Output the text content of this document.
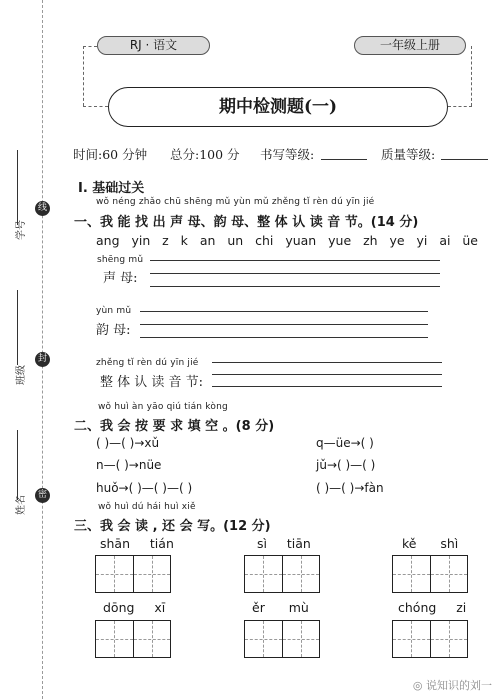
线
封
密
学号
班级
姓名
RJ · 语文	一年级上册
期中检测题(一)
时间:60 分钟 总分:100 分 书写等级:	质量等级:
Ⅰ. 基础过关
wǒ néng zhǎo chū shēng mǔ yùn mǔ zhěng tǐ rèn dú yīn jié
一、我 能 找 出 声 母、韵 母、整 体 认 读 音 节。(14 分)
ang yin z k an un chi yuan yue zh ye yi ai üe
shēng mǔ
声 母:
yùn mǔ
韵 母:
zhěng tǐ rèn dú yīn jié
整 体 认 读 音 节:
wǒ huì àn yāo qiú tián kòng
二、我 会 按 要 求 填 空 。(8 分)
( )—( )→xǔ	q—üe→( )
n—( )→nüe	jǔ→( )—( )
huǒ→( )—( )—( )	( )—( )→fàn
wǒ huì dú hái huì xiě
三、我 会 读 , 还 会 写。(12 分)
shān tián	sì tiān	kě shì
dōng xī	ěr mù	chóng zi
◎ 说知识的刘一
